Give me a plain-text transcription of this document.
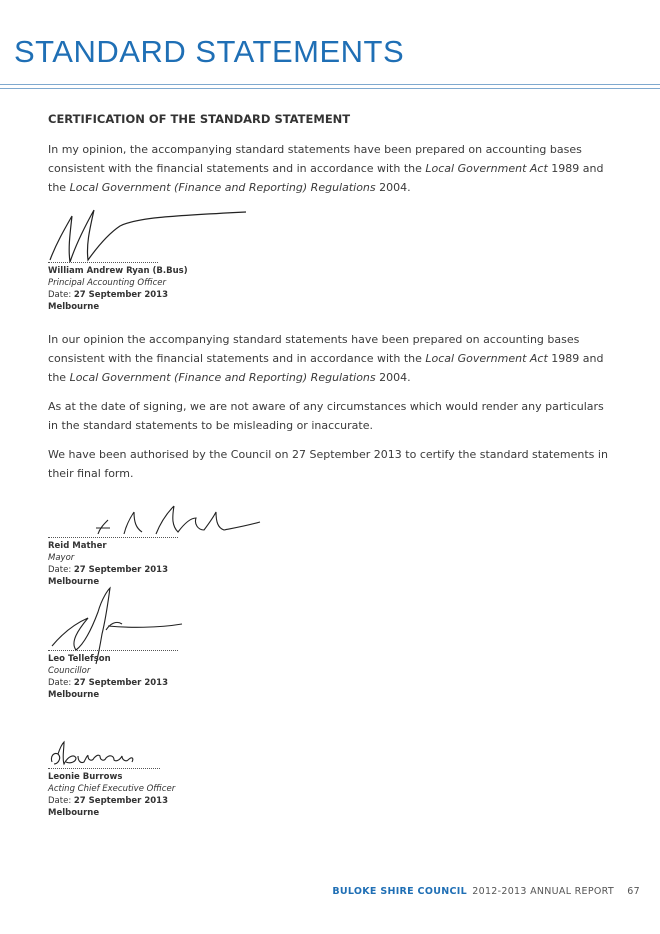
STANDARD STATEMENTS
CERTIFICATION OF THE STANDARD STATEMENT

In my opinion, the accompanying standard statements have been prepared on accounting bases consistent with the financial statements and in accordance with the Local Government Act 1989 and the Local Government (Finance and Reporting) Regulations 2004.

William Andrew Ryan (B.Bus)
Principal Accounting Officer
Date: 27 September 2013
Melbourne

In our opinion the accompanying standard statements have been prepared on accounting bases consistent with the financial statements and in accordance with the Local Government Act 1989 and the Local Government (Finance and Reporting) Regulations 2004.

As at the date of signing, we are not aware of any circumstances which would render any particulars in the standard statements to be misleading or inaccurate.

We have been authorised by the Council on 27 September 2013 to certify the standard statements in their final form.

Reid Mather
Mayor
Date: 27 September 2013
Melbourne
Leo Tellefson
Councillor
Date: 27 September 2013
Melbourne
Leonie Burrows
Acting Chief Executive Officer
Date: 27 September 2013
Melbourne
BULOKE SHIRE COUNCIL 2012-2013 ANNUAL REPORT 67
